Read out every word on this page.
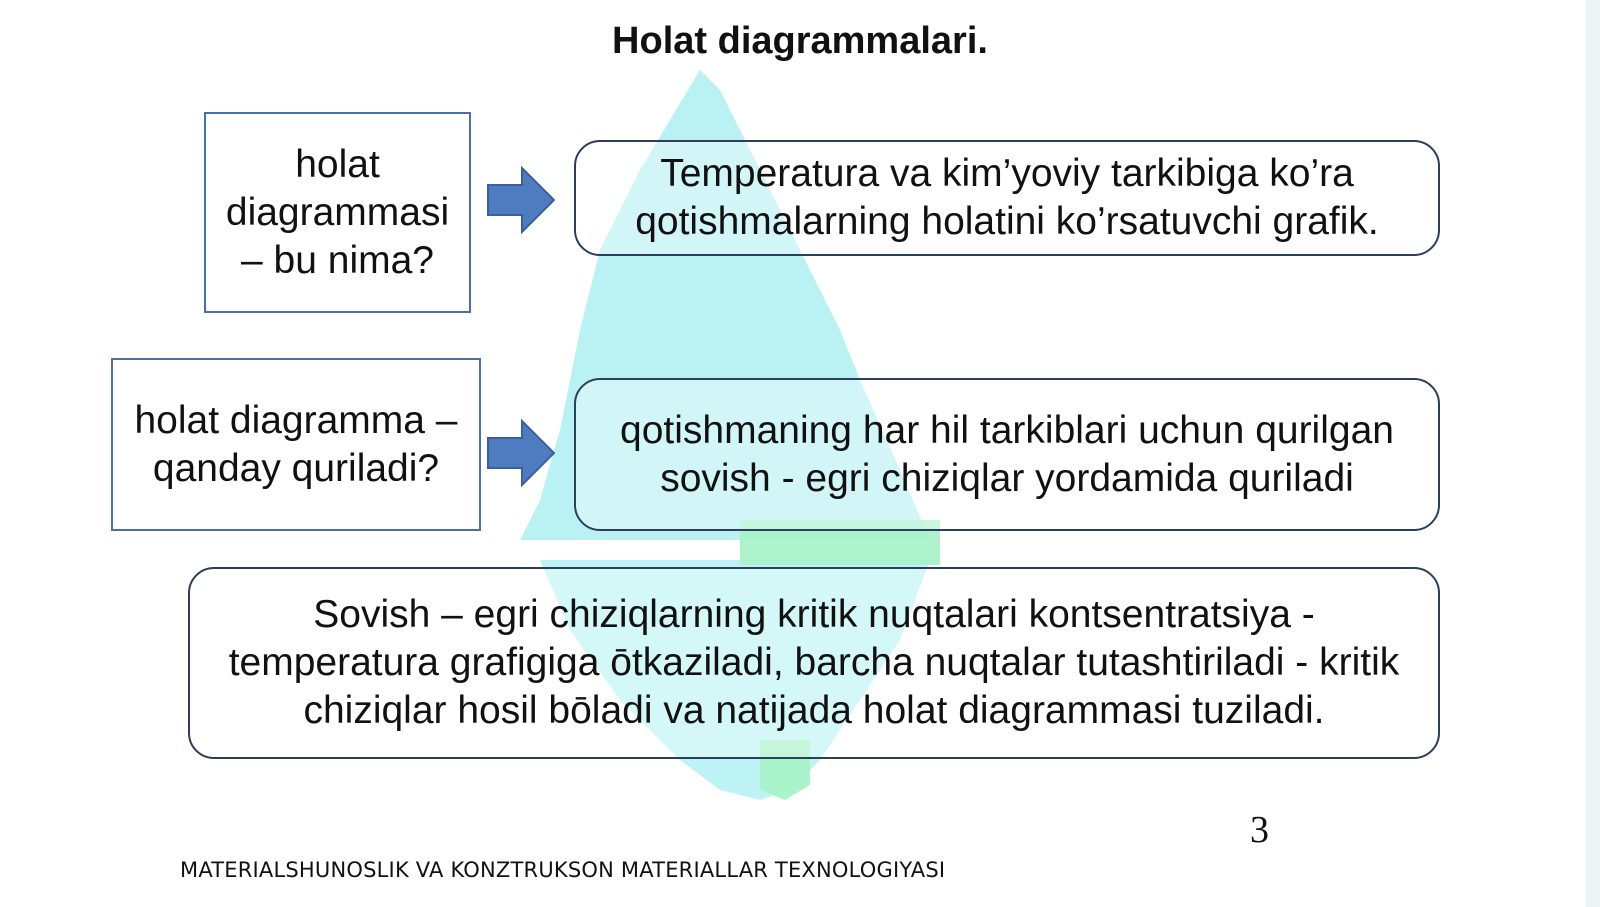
Holat diagrammalari.
holat diagrammasi – bu nima?
Temperatura va kim’yoviy tarkibiga ko’ra qotishmalarning holatini ko’rsatuvchi grafik.
holat diagramma – qanday quriladi?
qotishmaning har hil tarkiblari uchun qurilgan sovish - egri chiziqlar yordamida quriladi
Sovish – egri chiziqlarning kritik nuqtalari kontsentratsiya - temperatura grafigiga ōtkaziladi, barcha nuqtalar tutashtiriladi - kritik chiziqlar hosil bōladi va natijada holat diagrammasi tuziladi.
3
MATERIALSHUNOSLIK VA KONZTRUKSON MATERIALLAR TEXNOLOGIYASI
